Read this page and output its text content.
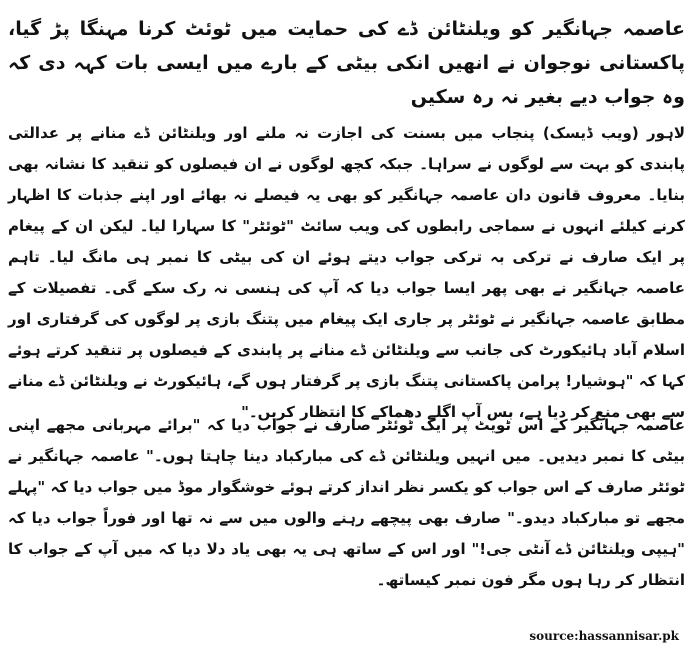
عاصمہ جہانگیر کو ویلنٹائن ڈے کی حمایت میں ٹوئٹ کرنا مہنگا پڑ گیا، پاکستانی نوجوان نے انھیں انکی بیٹی کے بارے میں ایسی بات کہہ دی کہ وہ جواب دیے بغیر نہ رہ سکیں

لاہور (ویب ڈیسک) پنجاب میں بسنت کی اجازت نہ ملنے اور ویلنٹائن ڈے منانے پر عدالتی پابندی کو بہت سے لوگوں نے سراہا۔ جبکہ کچھ لوگوں نے ان فیصلوں کو تنقید کا نشانہ بھی بنایا۔ معروف قانون دان عاصمہ جہانگیر کو بھی یہ فیصلے نہ بھائے اور اپنے جذبات کا اظہار کرنے کیلئے انہوں نے سماجی رابطوں کی ویب سائٹ "ٹوئٹر" کا سہارا لیا۔ لیکن ان کے پیغام پر ایک صارف نے ترکی بہ ترکی جواب دیتے ہوئے ان کی بیٹی کا نمبر ہی مانگ لیا۔ تاہم عاصمہ جہانگیر نے بھی پھر ایسا جواب دیا کہ آپ کی ہنسی نہ رک سکے گی۔ تفصیلات کے مطابق عاصمہ جہانگیر نے ٹوئٹر پر جاری ایک پیغام میں پتنگ بازی پر لوگوں کی گرفتاری اور اسلام آباد ہائیکورٹ کی جانب سے ویلنٹائن ڈے منانے پر پابندی کے فیصلوں پر تنقید کرتے ہوئے کہا کہ "ہوشیار! پرامن پاکستانی پتنگ بازی پر گرفتار ہوں گے، ہائیکورٹ نے ویلنٹائن ڈے منانے سے بھی منع کر دیا ہے، بس آپ اگلے دھماکے کا انتظار کریں۔"

عاصمہ جہانگیر کے اس ٹویٹ پر ایک ٹوئٹر صارف نے جواب دیا کہ "برائے مہربانی مجھے اپنی بیٹی کا نمبر دیدیں۔ میں انہیں ویلنٹائن ڈے کی مبارکباد دینا چاہتا ہوں۔" عاصمہ جہانگیر نے ٹوئٹر صارف کے اس جواب کو یکسر نظر انداز کرتے ہوئے خوشگوار موڈ میں جواب دیا کہ "پہلے مجھے تو مبارکباد دیدو۔" صارف بھی پیچھے رہنے والوں میں سے نہ تھا اور فوراً جواب دیا کہ "ہیپی ویلنٹائن ڈے آنٹی جی!" اور اس کے ساتھ ہی یہ بھی یاد دلا دیا کہ میں آپ کے جواب کا انتظار کر رہا ہوں مگر فون نمبر کیساتھ۔

source:hassannisar.pk
